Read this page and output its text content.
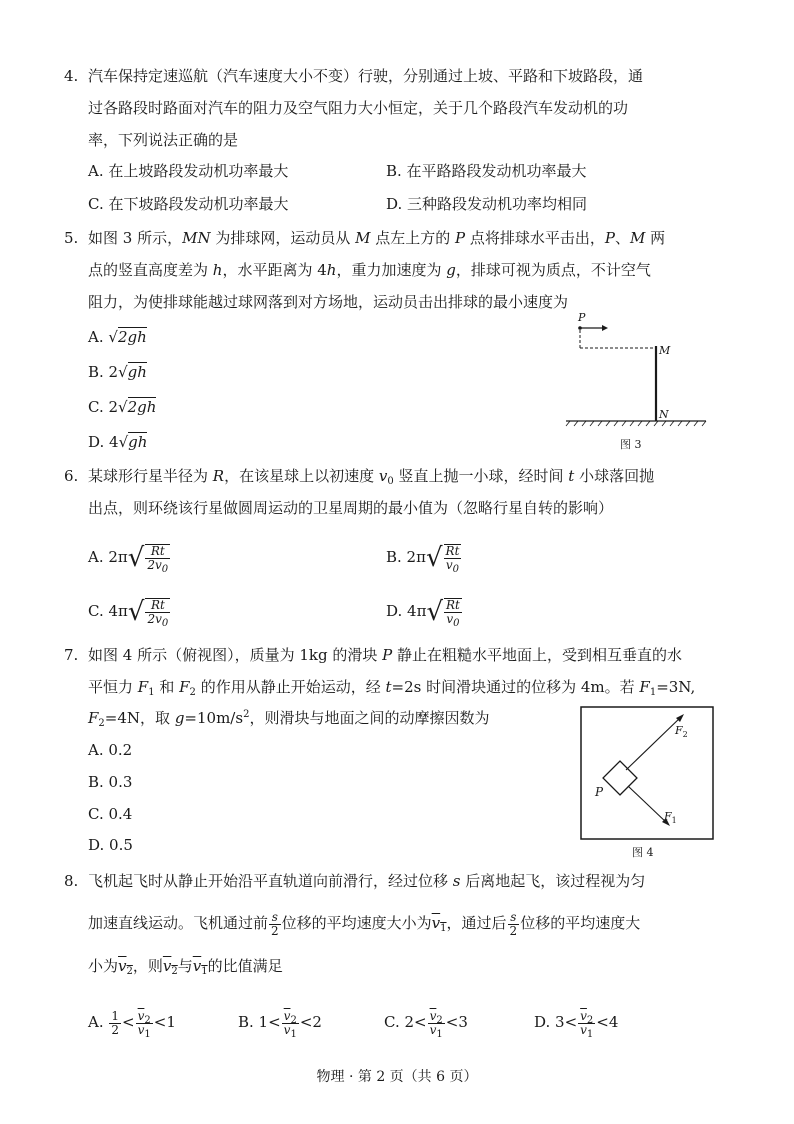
4. 汽车保持定速巡航（汽车速度大小不变）行驶，分别通过上坡、平路和下坡路段，通
过各路段时路面对汽车的阻力及空气阻力大小恒定，关于几个路段汽车发动机的功
率，下列说法正确的是
A. 在上坡路段发动机功率最大	B. 在平路路段发动机功率最大
C. 在下坡路段发动机功率最大	D. 三种路段发动机功率均相同
5. 如图 3 所示，MN 为排球网，运动员从 M 点左上方的 P 点将排球水平击出，P、M 两
点的竖直高度差为 h，水平距离为 4h，重力加速度为 g，排球可视为质点，不计空气
阻力，为使排球能越过球网落到对方场地，运动员击出排球的最小速度为
A. √2gh
B. 2√gh
C. 2√2gh
D. 4√gh
P
M
N
图 3
6. 某球形行星半径为 R，在该星球上以初速度 $v_0$ 竖直上抛一小球，经时间 t 小球落回抛
出点，则环绕该行星做圆周运动的卫星周期的最小值为（忽略行星自转的影响）
A. $2\pi√ \frac{Rt}{2v_0}$	B. $2\pi√ \frac{Rt}{v_0}$
C. $4\pi√ \frac{Rt}{2v_0}$	D. $4\pi√ \frac{Rt}{v_0}$
7. 如图 4 所示（俯视图），质量为 1kg 的滑块 P 静止在粗糙水平地面上，受到相互垂直的水
平恒力 $F_1$ 和 $F_2$ 的作用从静止开始运动，经 t=2s 时间滑块通过的位移为 4m。若 $F_1=3N$,
$F_2=4N$，取 $g=10m/s^2$，则滑块与地面之间的动摩擦因数为
A. 0.2
B. 0.3
C. 0.4
D. 0.5
P
$F_2$
$F_1$
图 4
8. 飞机起飞时从静止开始沿平直轨道向前滑行，经过位移 s 后离地起飞，该过程视为匀
加速直线运动。飞机通过前 $\frac{s}{2}$ 位移的平均速度大小为$\overline{v}_1$，通过后 $\frac{s}{2}$ 位移的平均速度大
小为$\overline{v}_2$，则$\overline{v}_2$与$\overline{v}_1$的比值满足
A. $\frac{1}{2} < \frac{\overline{v}_2}{v_1} <1$	B. $1< \frac{\overline{v}_2}{v_1} <2$	C. $2< \frac{\overline{v}_2}{v_1} <3$	D. $3< \frac{\overline{v}_2}{v_1} <4$
物理 · 第 2 页（共 6 页）
